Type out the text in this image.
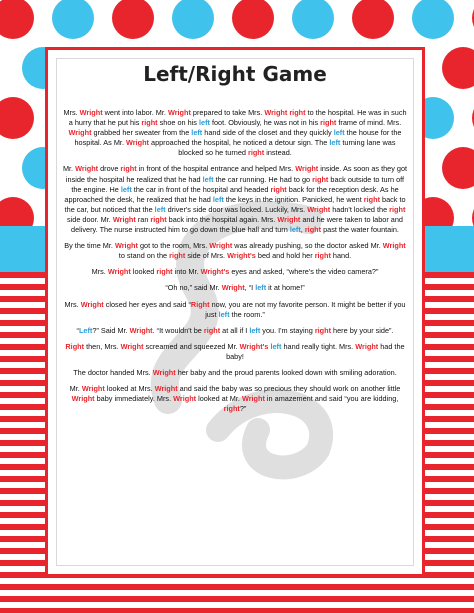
Left/Right Game

Mrs. Wright went into labor. Mr. Wright prepared to take Mrs. Wright right to the hospital. He was in such a hurry that he put his right shoe on his left foot. Obviously, he was not in his right frame of mind. Mrs. Wright grabbed her sweater from the left hand side of the closet and they quickly left the house for the hospital. As Mr. Wright approached the hospital, he noticed a detour sign. The left turning lane was blocked so he turned right instead.

Mr. Wright drove right in front of the hospital entrance and helped Mrs. Wright inside. As soon as they got inside the hospital he realized that he had left the car running. He had to go right back outside to turn off the engine. He left the car in front of the hospital and headed right back for the reception desk. As he approached the desk, he realized that he had left the keys in the ignition. Panicked, he went right back to the car, but noticed that the left driver's side door was locked. Luckily, Mrs. Wright hadn't locked the right side door. Mr. Wright ran right back into the hospital again. Mrs. Wright and he were taken to labor and delivery. The nurse instructed him to go down the blue hall and turn left, right past the water fountain.

By the time Mr. Wright got to the room, Mrs. Wright was already pushing, so the doctor asked Mr. Wright to stand on the right side of Mrs. Wright's bed and hold her right hand.

Mrs. Wright looked right into Mr. Wright's eyes and asked, “where's the video camera?”

“Oh no,” said Mr. Wright, “I left it at home!”

Mrs. Wright closed her eyes and said “Right now, you are not my favorite person. It might be better if you just left the room.”

“Left?” Said Mr. Wright. “It wouldn't be right at all if I left you. I'm staying right here by your side”.

Right then, Mrs. Wright screamed and squeezed Mr. Wright's left hand really tight. Mrs. Wright had the baby!

The doctor handed Mrs. Wright her baby and the proud parents looked down with smiling adoration.

Mr. Wright looked at Mrs. Wright and said the baby was so precious they should work on another little Wright baby immediately. Mrs. Wright looked at Mr. Wright in amazement and said “you are kidding, right?”
